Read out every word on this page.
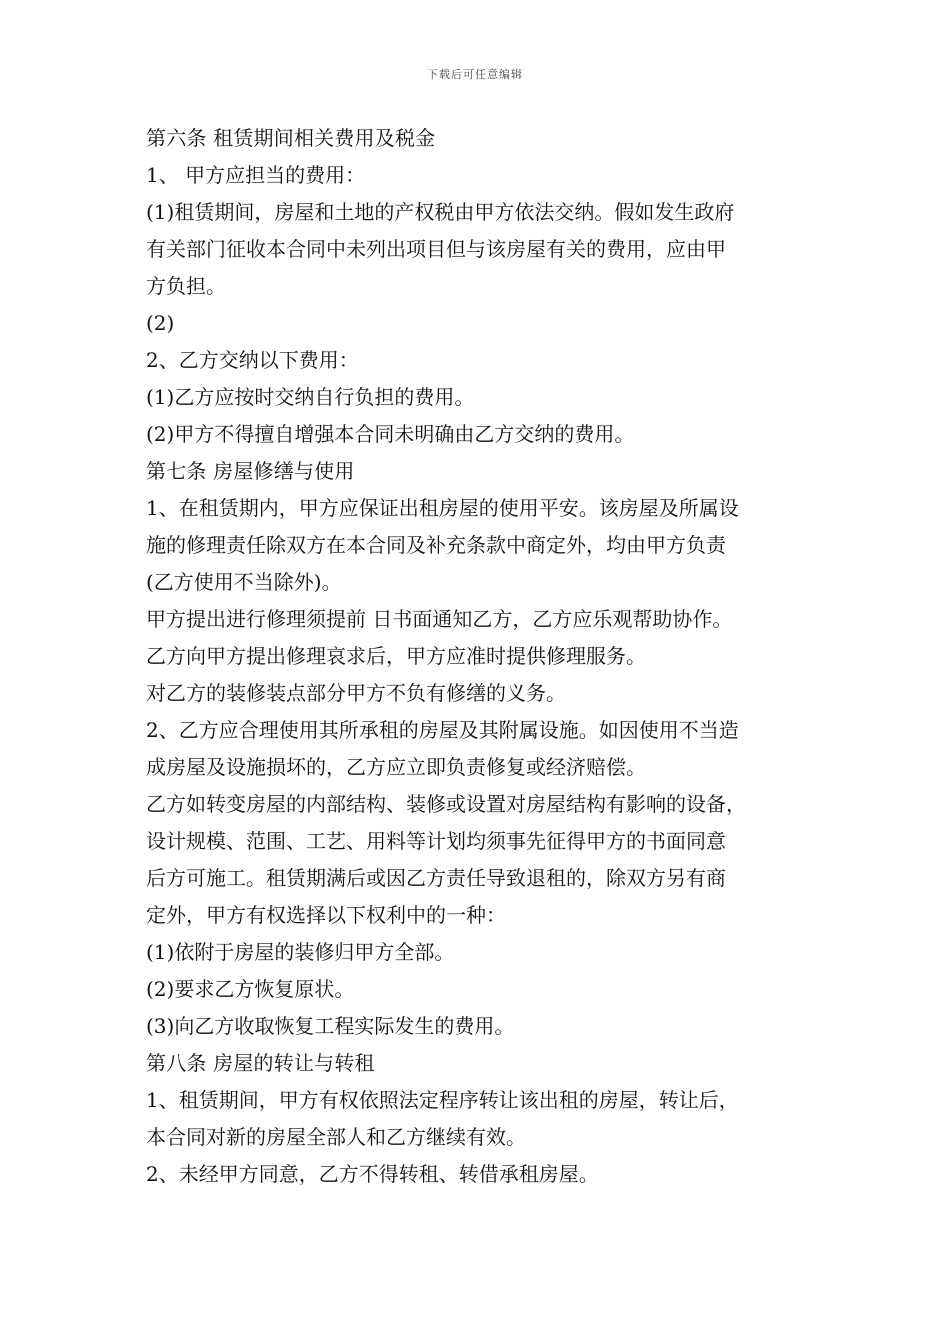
下载后可任意编辑
第六条 租赁期间相关费用及税金
1、 甲方应担当的费用：
(1)租赁期间，房屋和土地的产权税由甲方依法交纳。假如发生政府
有关部门征收本合同中未列出项目但与该房屋有关的费用，应由甲
方负担。
(2)
2、乙方交纳以下费用：
(1)乙方应按时交纳自行负担的费用。
(2)甲方不得擅自增强本合同未明确由乙方交纳的费用。
第七条 房屋修缮与使用
1、在租赁期内，甲方应保证出租房屋的使用平安。该房屋及所属设
施的修理责任除双方在本合同及补充条款中商定外，均由甲方负责
(乙方使用不当除外)。
甲方提出进行修理须提前 日书面通知乙方，乙方应乐观帮助协作。
乙方向甲方提出修理哀求后，甲方应准时提供修理服务。
对乙方的装修装点部分甲方不负有修缮的义务。
2、乙方应合理使用其所承租的房屋及其附属设施。如因使用不当造
成房屋及设施损坏的，乙方应立即负责修复或经济赔偿。
乙方如转变房屋的内部结构、装修或设置对房屋结构有影响的设备，
设计规模、范围、工艺、用料等计划均须事先征得甲方的书面同意
后方可施工。租赁期满后或因乙方责任导致退租的，除双方另有商
定外，甲方有权选择以下权利中的一种：
(1)依附于房屋的装修归甲方全部。
(2)要求乙方恢复原状。
(3)向乙方收取恢复工程实际发生的费用。
第八条 房屋的转让与转租
1、租赁期间，甲方有权依照法定程序转让该出租的房屋，转让后，
本合同对新的房屋全部人和乙方继续有效。
2、未经甲方同意，乙方不得转租、转借承租房屋。
